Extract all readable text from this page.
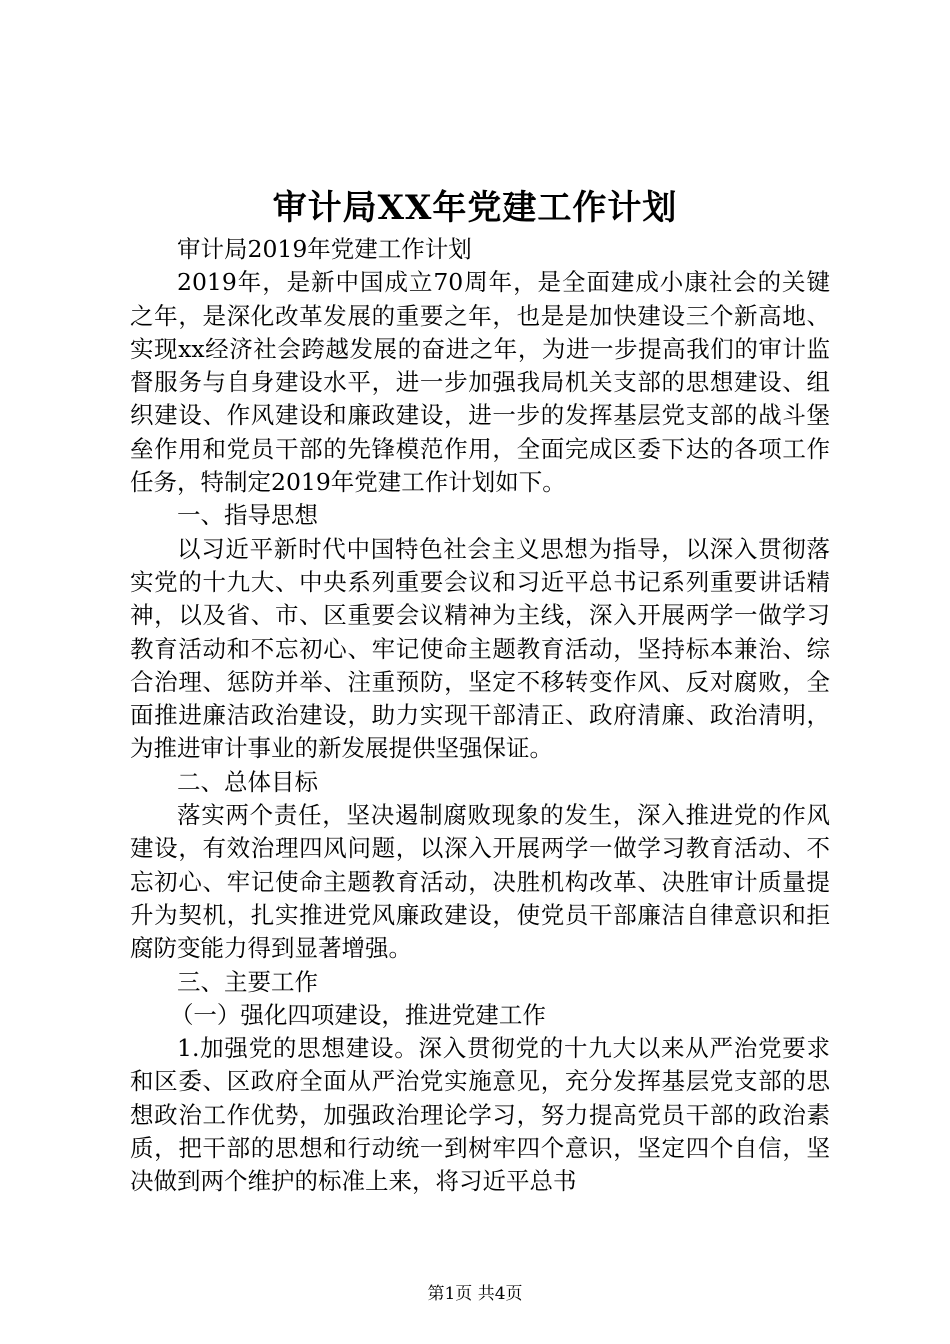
审计局XX年党建工作计划

审计局2019年党建工作计划

2019年，是新中国成立70周年，是全面建成小康社会的关键之年，是深化改革发展的重要之年，也是是加快建设三个新高地、实现xx经济社会跨越发展的奋进之年，为进一步提高我们的审计监督服务与自身建设水平，进一步加强我局机关支部的思想建设、组织建设、作风建设和廉政建设，进一步的发挥基层党支部的战斗堡垒作用和党员干部的先锋模范作用，全面完成区委下达的各项工作任务，特制定2019年党建工作计划如下。

一、指导思想

以习近平新时代中国特色社会主义思想为指导，以深入贯彻落实党的十九大、中央系列重要会议和习近平总书记系列重要讲话精神，以及省、市、区重要会议精神为主线，深入开展两学一做学习教育活动和不忘初心、牢记使命主题教育活动，坚持标本兼治、综合治理、惩防并举、注重预防，坚定不移转变作风、反对腐败，全面推进廉洁政治建设，助力实现干部清正、政府清廉、政治清明，为推进审计事业的新发展提供坚强保证。

二、总体目标

落实两个责任，坚决遏制腐败现象的发生，深入推进党的作风建设，有效治理四风问题，以深入开展两学一做学习教育活动、不忘初心、牢记使命主题教育活动，决胜机构改革、决胜审计质量提升为契机，扎实推进党风廉政建设，使党员干部廉洁自律意识和拒腐防变能力得到显著增强。

三、主要工作

（一）强化四项建设，推进党建工作

1.加强党的思想建设。深入贯彻党的十九大以来从严治党要求和区委、区政府全面从严治党实施意见，充分发挥基层党支部的思想政治工作优势，加强政治理论学习，努力提高党员干部的政治素质，把干部的思想和行动统一到树牢四个意识，坚定四个自信，坚决做到两个维护的标准上来，将习近平总书

第1页 共4页
